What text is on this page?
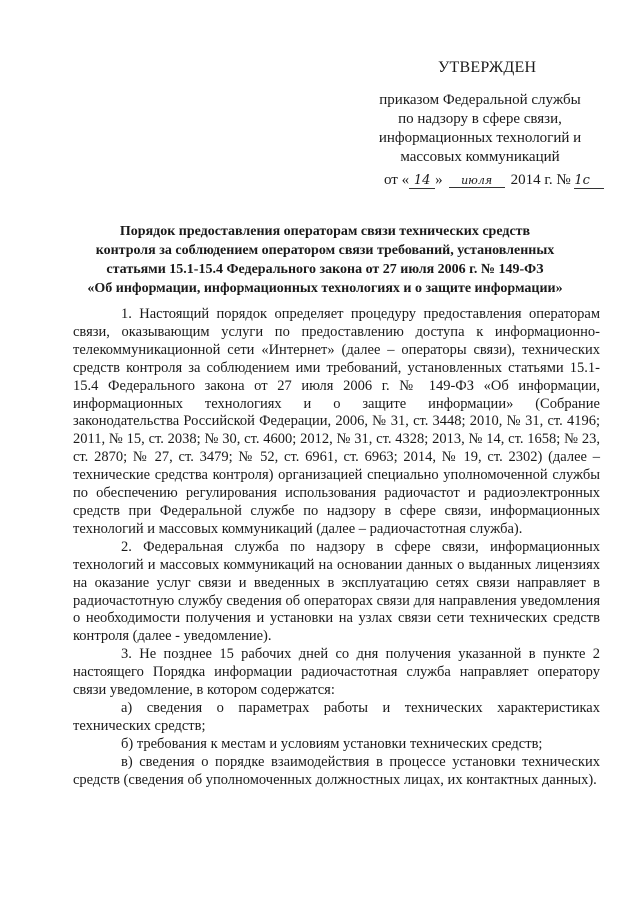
УТВЕРЖДЕН
приказом Федеральной службы
по надзору в сфере связи,
информационных технологий и
массовых коммуникаций
от « 14 » июля 2014 г. № 1с
Порядок предоставления операторам связи технических средств
контроля за соблюдением оператором связи требований, установленных
статьями 15.1-15.4 Федерального закона от 27 июля 2006 г. № 149-ФЗ
«Об информации, информационных технологиях и о защите информации»

1. Настоящий порядок определяет процедуру предоставления операторам связи, оказывающим услуги по предоставлению доступа к информационно-телекоммуникационной сети «Интернет» (далее – операторы связи), технических средств контроля за соблюдением ими требований, установленных статьями 15.1-15.4 Федерального закона от 27 июля 2006 г. № 149-ФЗ «Об информации, информационных технологиях и о защите информации» (Собрание законодательства Российской Федерации, 2006, № 31, ст. 3448; 2010, № 31, ст. 4196; 2011, № 15, ст. 2038; № 30, ст. 4600; 2012, № 31, ст. 4328; 2013, № 14, ст. 1658; № 23, ст. 2870; № 27, ст. 3479; № 52, ст. 6961, ст. 6963; 2014, № 19, ст. 2302) (далее – технические средства контроля) организацией специально уполномоченной службы по обеспечению регулирования использования радиочастот и радиоэлектронных средств при Федеральной службе по надзору в сфере связи, информационных технологий и массовых коммуникаций (далее – радиочастотная служба).

2. Федеральная служба по надзору в сфере связи, информационных технологий и массовых коммуникаций на основании данных о выданных лицензиях на оказание услуг связи и введенных в эксплуатацию сетях связи направляет в радиочастотную службу сведения об операторах связи для направления уведомления о необходимости получения и установки на узлах связи сети технических средств контроля (далее - уведомление).

3. Не позднее 15 рабочих дней со дня получения указанной в пункте 2 настоящего Порядка информации радиочастотная служба направляет оператору связи уведомление, в котором содержатся:

а) сведения о параметрах работы и технических характеристиках технических средств;

б) требования к местам и условиям установки технических средств;

в) сведения о порядке взаимодействия в процессе установки технических средств (сведения об уполномоченных должностных лицах, их контактных данных).
